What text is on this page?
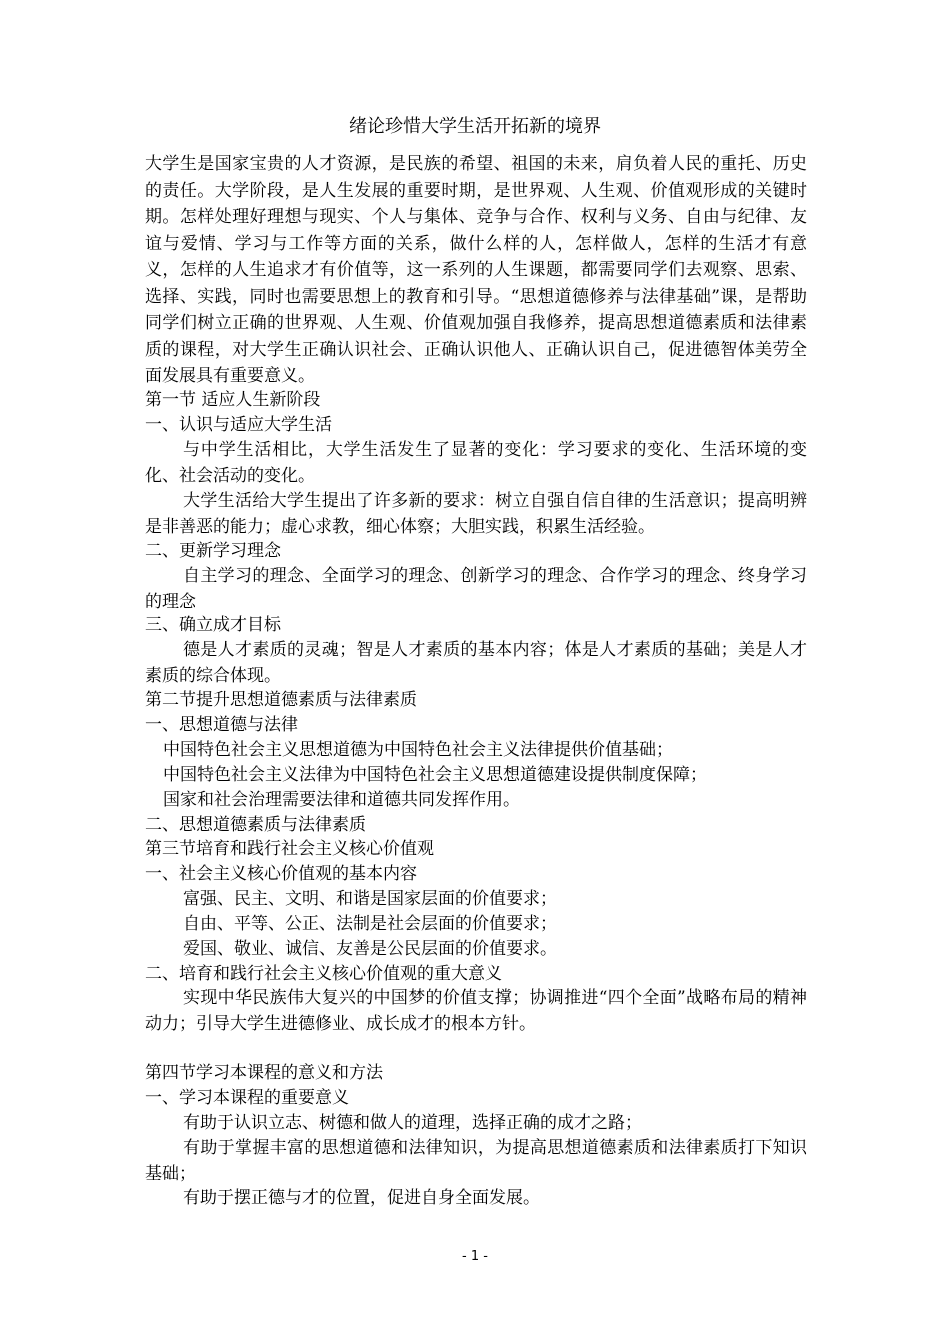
绪论珍惜大学生活开拓新的境界
大学生是国家宝贵的人才资源，是民族的希望、祖国的未来，肩负着人民的重托、历史的责任。大学阶段，是人生发展的重要时期，是世界观、人生观、价值观形成的关键时期。怎样处理好理想与现实、个人与集体、竞争与合作、权利与义务、自由与纪律、友谊与爱情、学习与工作等方面的关系，做什么样的人，怎样做人，怎样的生活才有意义，怎样的人生追求才有价值等，这一系列的人生课题，都需要同学们去观察、思索、选择、实践，同时也需要思想上的教育和引导。“思想道德修养与法律基础”课，是帮助同学们树立正确的世界观、人生观、价值观加强自我修养，提高思想道德素质和法律素质的课程，对大学生正确认识社会、正确认识他人、正确认识自己，促进德智体美劳全面发展具有重要意义。
第一节 适应人生新阶段
一、认识与适应大学生活
与中学生活相比，大学生活发生了显著的变化：学习要求的变化、生活环境的变化、社会活动的变化。
大学生活给大学生提出了许多新的要求：树立自强自信自律的生活意识；提高明辨是非善恶的能力；虚心求教，细心体察；大胆实践，积累生活经验。
二、更新学习理念
自主学习的理念、全面学习的理念、创新学习的理念、合作学习的理念、终身学习的理念
三、确立成才目标
德是人才素质的灵魂；智是人才素质的基本内容；体是人才素质的基础；美是人才素质的综合体现。
第二节提升思想道德素质与法律素质
一、思想道德与法律
中国特色社会主义思想道德为中国特色社会主义法律提供价值基础；
中国特色社会主义法律为中国特色社会主义思想道德建设提供制度保障；
国家和社会治理需要法律和道德共同发挥作用。
二、思想道德素质与法律素质
第三节培育和践行社会主义核心价值观
一、社会主义核心价值观的基本内容
富强、民主、文明、和谐是国家层面的价值要求；
自由、平等、公正、法制是社会层面的价值要求；
爱国、敬业、诚信、友善是公民层面的价值要求。
二、培育和践行社会主义核心价值观的重大意义
实现中华民族伟大复兴的中国梦的价值支撑；协调推进“四个全面”战略布局的精神动力；引导大学生进德修业、成长成才的根本方针。
第四节学习本课程的意义和方法
一、学习本课程的重要意义
有助于认识立志、树德和做人的道理，选择正确的成才之路；
有助于掌握丰富的思想道德和法律知识，为提高思想道德素质和法律素质打下知识基础；
有助于摆正德与才的位置，促进自身全面发展。
- 1 -
